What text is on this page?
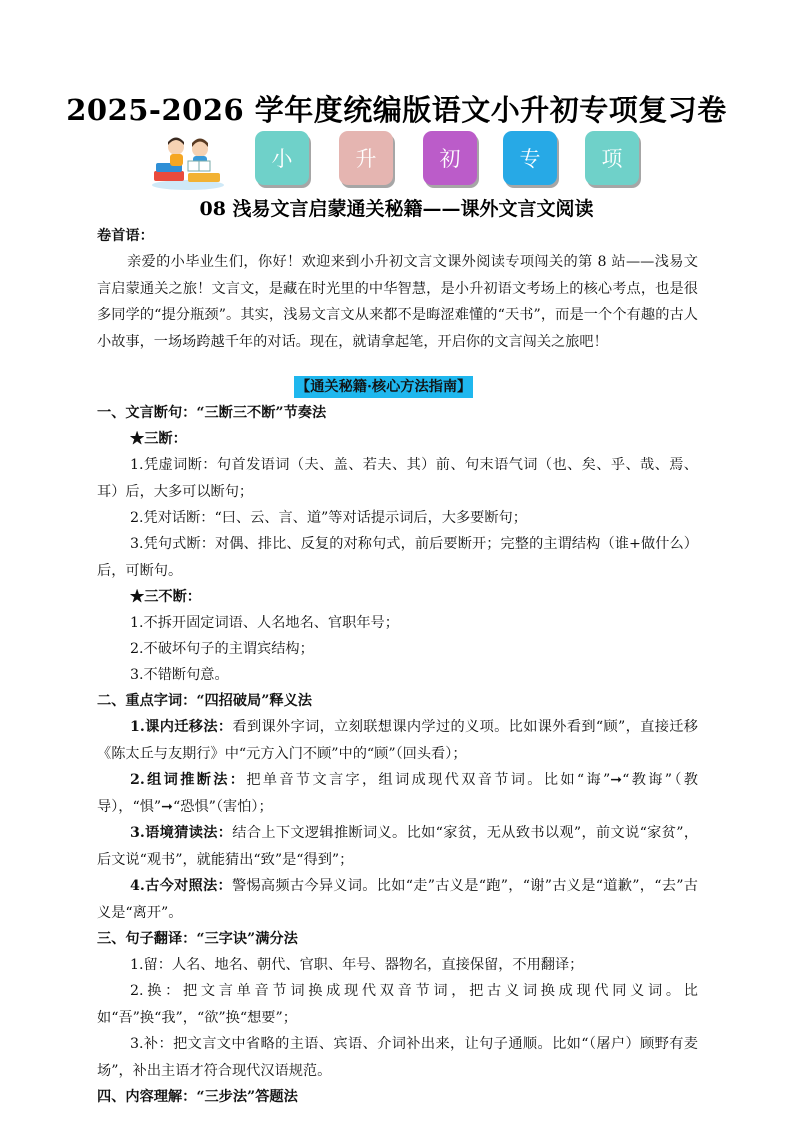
2025-2026 学年度统编版语文小升初专项复习卷
小	升	初	专	项
08 浅易文言启蒙通关秘籍——课外文言文阅读
卷首语：
亲爱的小毕业生们，你好！欢迎来到小升初文言文课外阅读专项闯关的第 8 站——浅易文言启蒙通关之旅！文言文，是藏在时光里的中华智慧，是小升初语文考场上的核心考点，也是很多同学的“提分瓶颈”。其实，浅易文言文从来都不是晦涩难懂的“天书”，而是一个个有趣的古人小故事，一场场跨越千年的对话。现在，就请拿起笔，开启你的文言闯关之旅吧！
【通关秘籍·核心方法指南】
一、文言断句：“三断三不断”节奏法
★三断：
1.凭虚词断：句首发语词（夫、盖、若夫、其）前、句末语气词（也、矣、乎、哉、焉、耳）后，大多可以断句；
2.凭对话断：“曰、云、言、道”等对话提示词后，大多要断句；
3.凭句式断：对偶、排比、反复的对称句式，前后要断开；完整的主谓结构（谁+做什么）后，可断句。
★三不断：
1.不拆开固定词语、人名地名、官职年号；
2.不破坏句子的主谓宾结构；
3.不错断句意。
二、重点字词：“四招破局”释义法
1.课内迁移法：看到课外字词，立刻联想课内学过的义项。比如课外看到“顾”，直接迁移《陈太丘与友期行》中“元方入门不顾”中的“顾”（回头看）；
2.组词推断法：把单音节文言字，组词成现代双音节词。比如“诲”➞“教诲”（教导），“惧”➞“恐惧”（害怕）；
3.语境猜读法：结合上下文逻辑推断词义。比如“家贫，无从致书以观”，前文说“家贫”，后文说“观书”，就能猜出“致”是“得到”；
4.古今对照法：警惕高频古今异义词。比如“走”古义是“跑”，“谢”古义是“道歉”，“去”古义是“离开”。
三、句子翻译：“三字诀”满分法
1.留：人名、地名、朝代、官职、年号、器物名，直接保留，不用翻译；
2.换：把文言单音节词换成现代双音节词，把古义词换成现代同义词。比如“吾”换“我”，“欲”换“想要”；
3.补：把文言文中省略的主语、宾语、介词补出来，让句子通顺。比如“（屠户）顾野有麦场”，补出主语才符合现代汉语规范。
四、内容理解：“三步法”答题法
